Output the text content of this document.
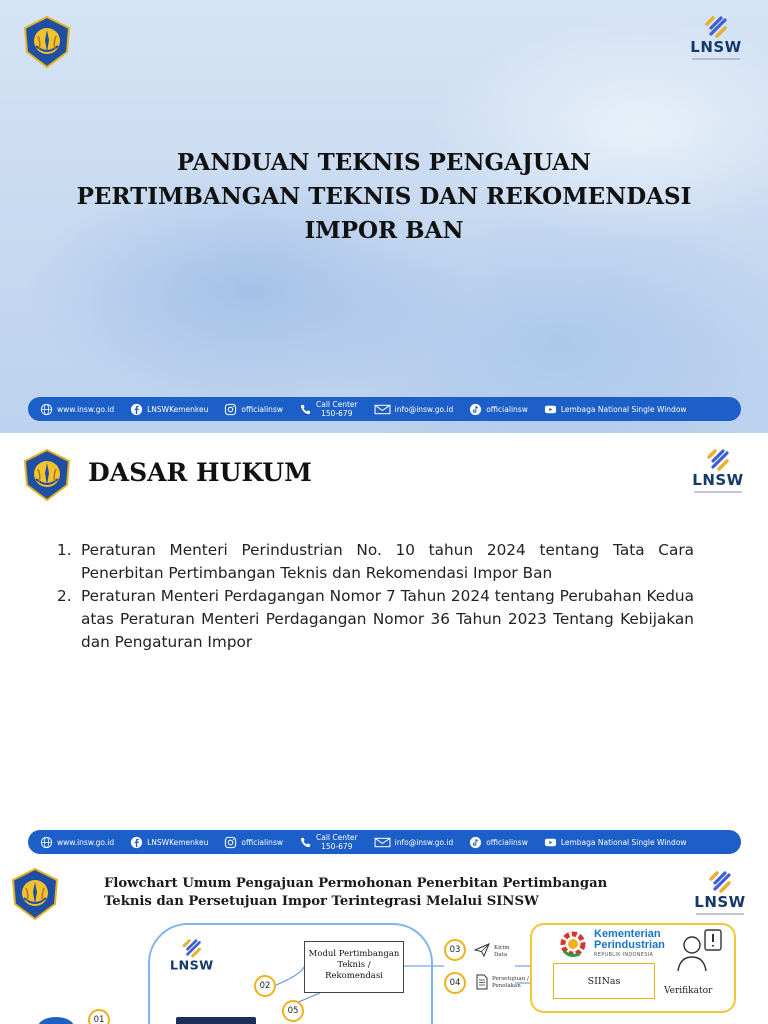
LNSW
PANDUAN TEKNIS PENGAJUAN
PERTIMBANGAN TEKNIS DAN REKOMENDASI
IMPOR BAN
www.insw.go.id	LNSWKemenkeu	officialinsw	Call Center
150-679	info@insw.go.id	officialinsw	Lembaga National Single Window
DASAR HUKUM	LNSW
1. Peraturan Menteri Perindustrian No. 10 tahun 2024 tentang Tata Cara Penerbitan Pertimbangan Teknis dan Rekomendasi Impor Ban
2. Peraturan Menteri Perdagangan Nomor 7 Tahun 2024 tentang Perubahan Kedua atas Peraturan Menteri Perdagangan Nomor 36 Tahun 2023 Tentang Kebijakan dan Pengaturan Impor
www.insw.go.id	LNSWKemenkeu	officialinsw	Call Center
150-679	info@insw.go.id	officialinsw	Lembaga National Single Window
Flowchart Umum Pengajuan Permohonan Penerbitan Pertimbangan
Teknis dan Persetujuan Impor Terintegrasi Melalui SINSW	LNSW
LNSW
Modul Pertimbangan
Teknis /
Rekomendasi
01
02
03
04
05
Kirim
Data
Persetujuan /
Penolakan
Kementerian
Perindustrian
REPUBLIK INDONESIA
SIINas
Verifikator
